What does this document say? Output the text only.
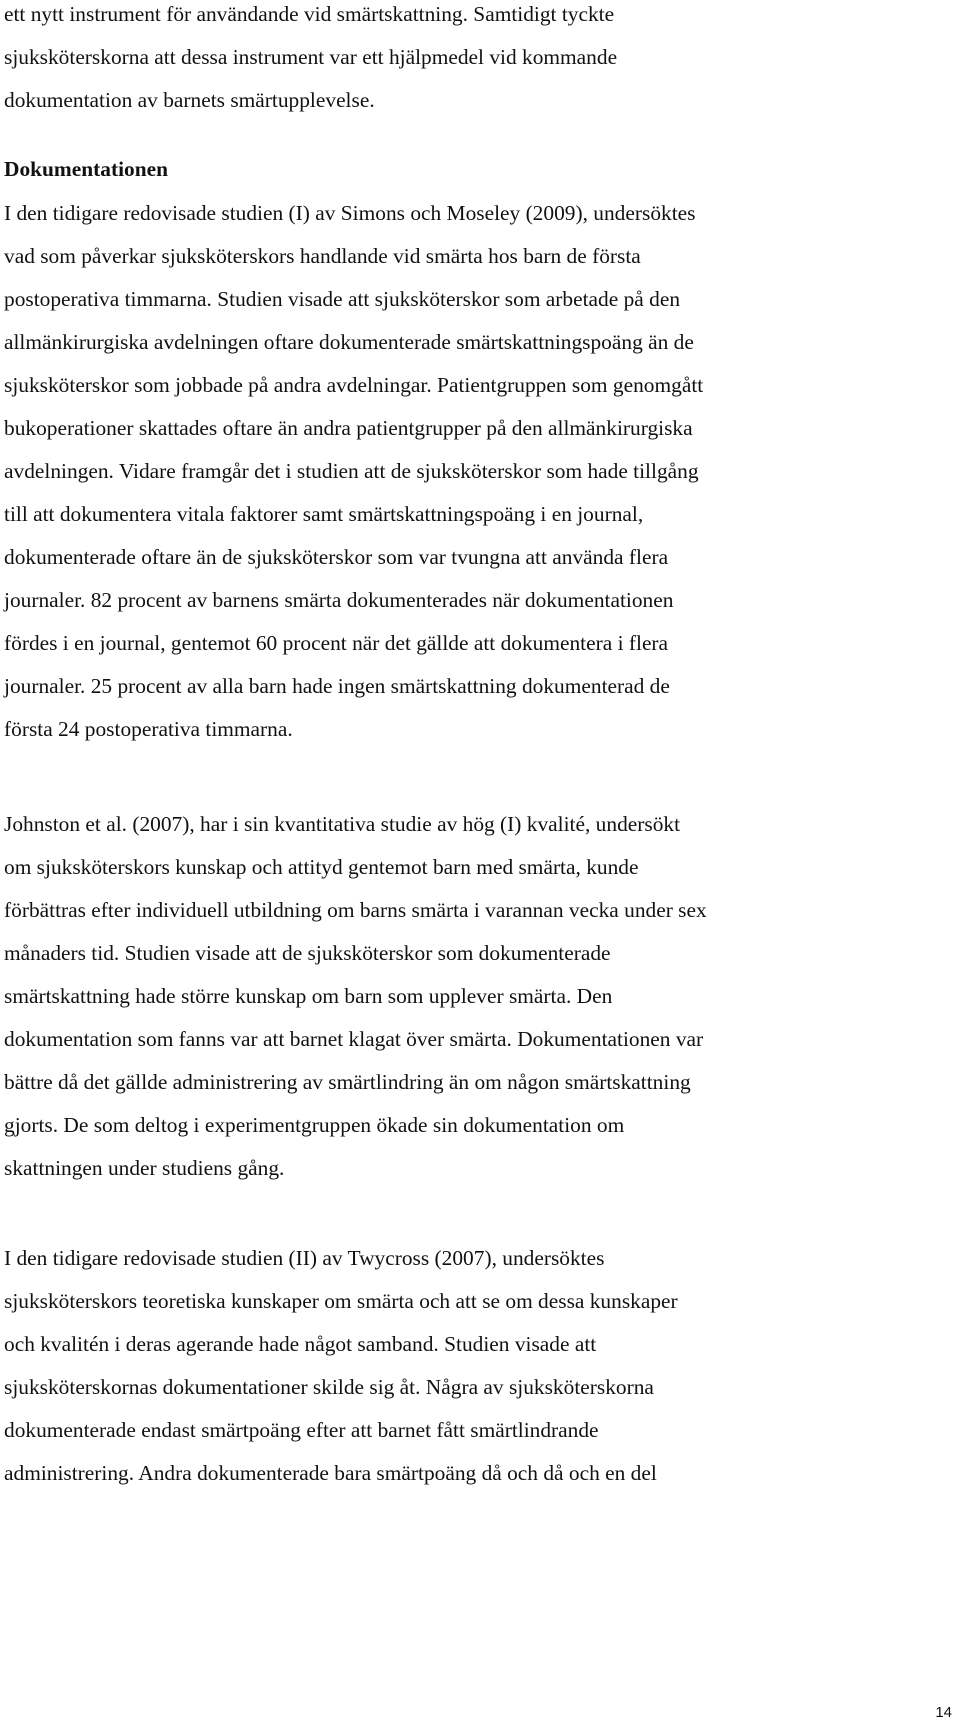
ett nytt instrument för användande vid smärtskattning. Samtidigt tyckte
sjuksköterskorna att dessa instrument var ett hjälpmedel vid kommande
dokumentation av barnets smärtupplevelse.

Dokumentationen

I den tidigare redovisade studien (I) av Simons och Moseley (2009), undersöktes
vad som påverkar sjuksköterskors handlande vid smärta hos barn de första
postoperativa timmarna. Studien visade att sjuksköterskor som arbetade på den
allmänkirurgiska avdelningen oftare dokumenterade smärtskattningspoäng än de
sjuksköterskor som jobbade på andra avdelningar. Patientgruppen som genomgått
bukoperationer skattades oftare än andra patientgrupper på den allmänkirurgiska
avdelningen. Vidare framgår det i studien att de sjuksköterskor som hade tillgång
till att dokumentera vitala faktorer samt smärtskattningspoäng i en journal,
dokumenterade oftare än de sjuksköterskor som var tvungna att använda flera
journaler. 82 procent av barnens smärta dokumenterades när dokumentationen
fördes i en journal, gentemot 60 procent när det gällde att dokumentera i flera
journaler. 25 procent av alla barn hade ingen smärtskattning dokumenterad de
första 24 postoperativa timmarna.

Johnston et al. (2007), har i sin kvantitativa studie av hög (I) kvalité, undersökt
om sjuksköterskors kunskap och attityd gentemot barn med smärta, kunde
förbättras efter individuell utbildning om barns smärta i varannan vecka under sex
månaders tid. Studien visade att de sjuksköterskor som dokumenterade
smärtskattning hade större kunskap om barn som upplever smärta. Den
dokumentation som fanns var att barnet klagat över smärta. Dokumentationen var
bättre då det gällde administrering av smärtlindring än om någon smärtskattning
gjorts. De som deltog i experimentgruppen ökade sin dokumentation om
skattningen under studiens gång.

I den tidigare redovisade studien (II) av Twycross (2007), undersöktes
sjuksköterskors teoretiska kunskaper om smärta och att se om dessa kunskaper
och kvalitén i deras agerande hade något samband. Studien visade att
sjuksköterskornas dokumentationer skilde sig åt. Några av sjuksköterskorna
dokumenterade endast smärtpoäng efter att barnet fått smärtlindrande
administrering. Andra dokumenterade bara smärtpoäng då och då och en del

14
